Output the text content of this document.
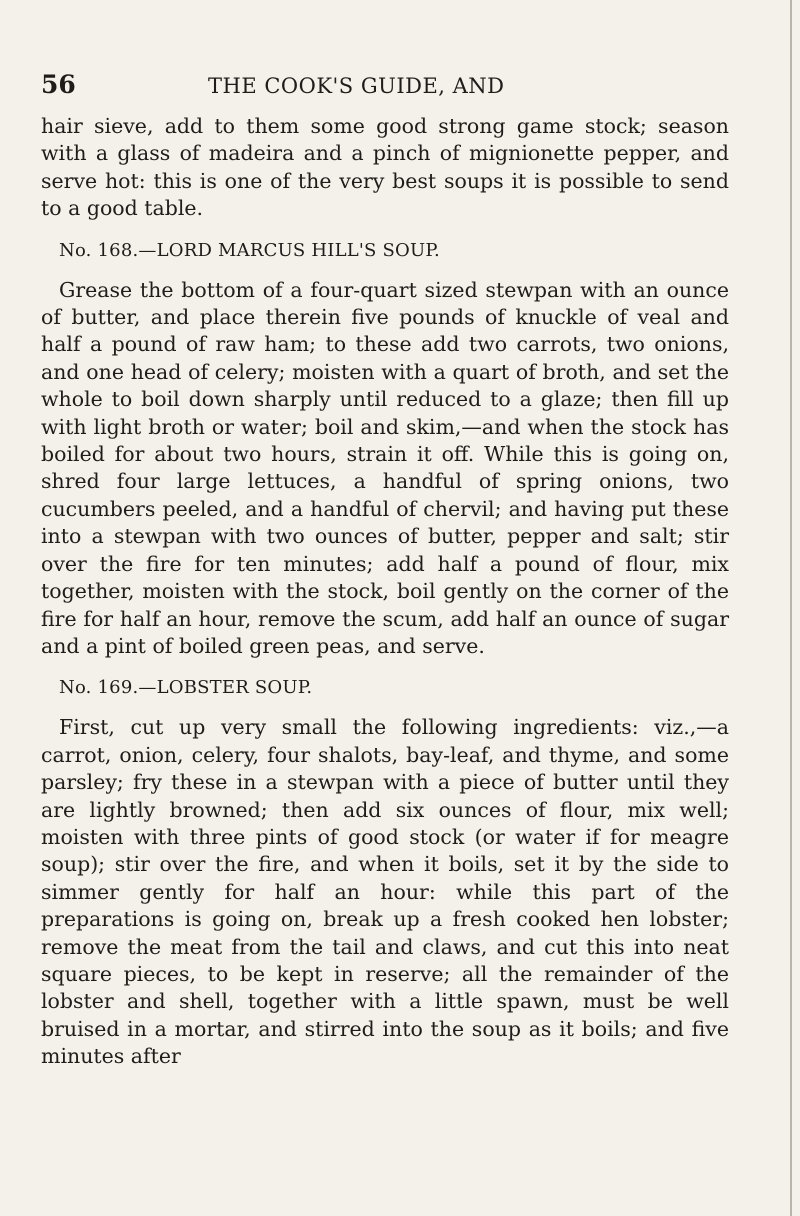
56	THE COOK'S GUIDE, AND

hair sieve, add to them some good strong game stock; season with a glass of madeira and a pinch of mignionette pepper, and serve hot: this is one of the very best soups it is possible to send to a good table.

No. 168.—LORD MARCUS HILL'S SOUP.

Grease the bottom of a four-quart sized stewpan with an ounce of butter, and place therein five pounds of knuckle of veal and half a pound of raw ham; to these add two carrots, two onions, and one head of celery; moisten with a quart of broth, and set the whole to boil down sharply until reduced to a glaze; then fill up with light broth or water; boil and skim,—and when the stock has boiled for about two hours, strain it off. While this is going on, shred four large lettuces, a handful of spring onions, two cucumbers peeled, and a handful of chervil; and having put these into a stewpan with two ounces of butter, pepper and salt; stir over the fire for ten minutes; add half a pound of flour, mix together, moisten with the stock, boil gently on the corner of the fire for half an hour, remove the scum, add half an ounce of sugar and a pint of boiled green peas, and serve.

No. 169.—LOBSTER SOUP.

First, cut up very small the following ingredients: viz.,—a carrot, onion, celery, four shalots, bay-leaf, and thyme, and some parsley; fry these in a stewpan with a piece of butter until they are lightly browned; then add six ounces of flour, mix well; moisten with three pints of good stock (or water if for meagre soup); stir over the fire, and when it boils, set it by the side to simmer gently for half an hour: while this part of the preparations is going on, break up a fresh cooked hen lobster; remove the meat from the tail and claws, and cut this into neat square pieces, to be kept in reserve; all the remainder of the lobster and shell, together with a little spawn, must be well bruised in a mortar, and stirred into the soup as it boils; and five minutes after
